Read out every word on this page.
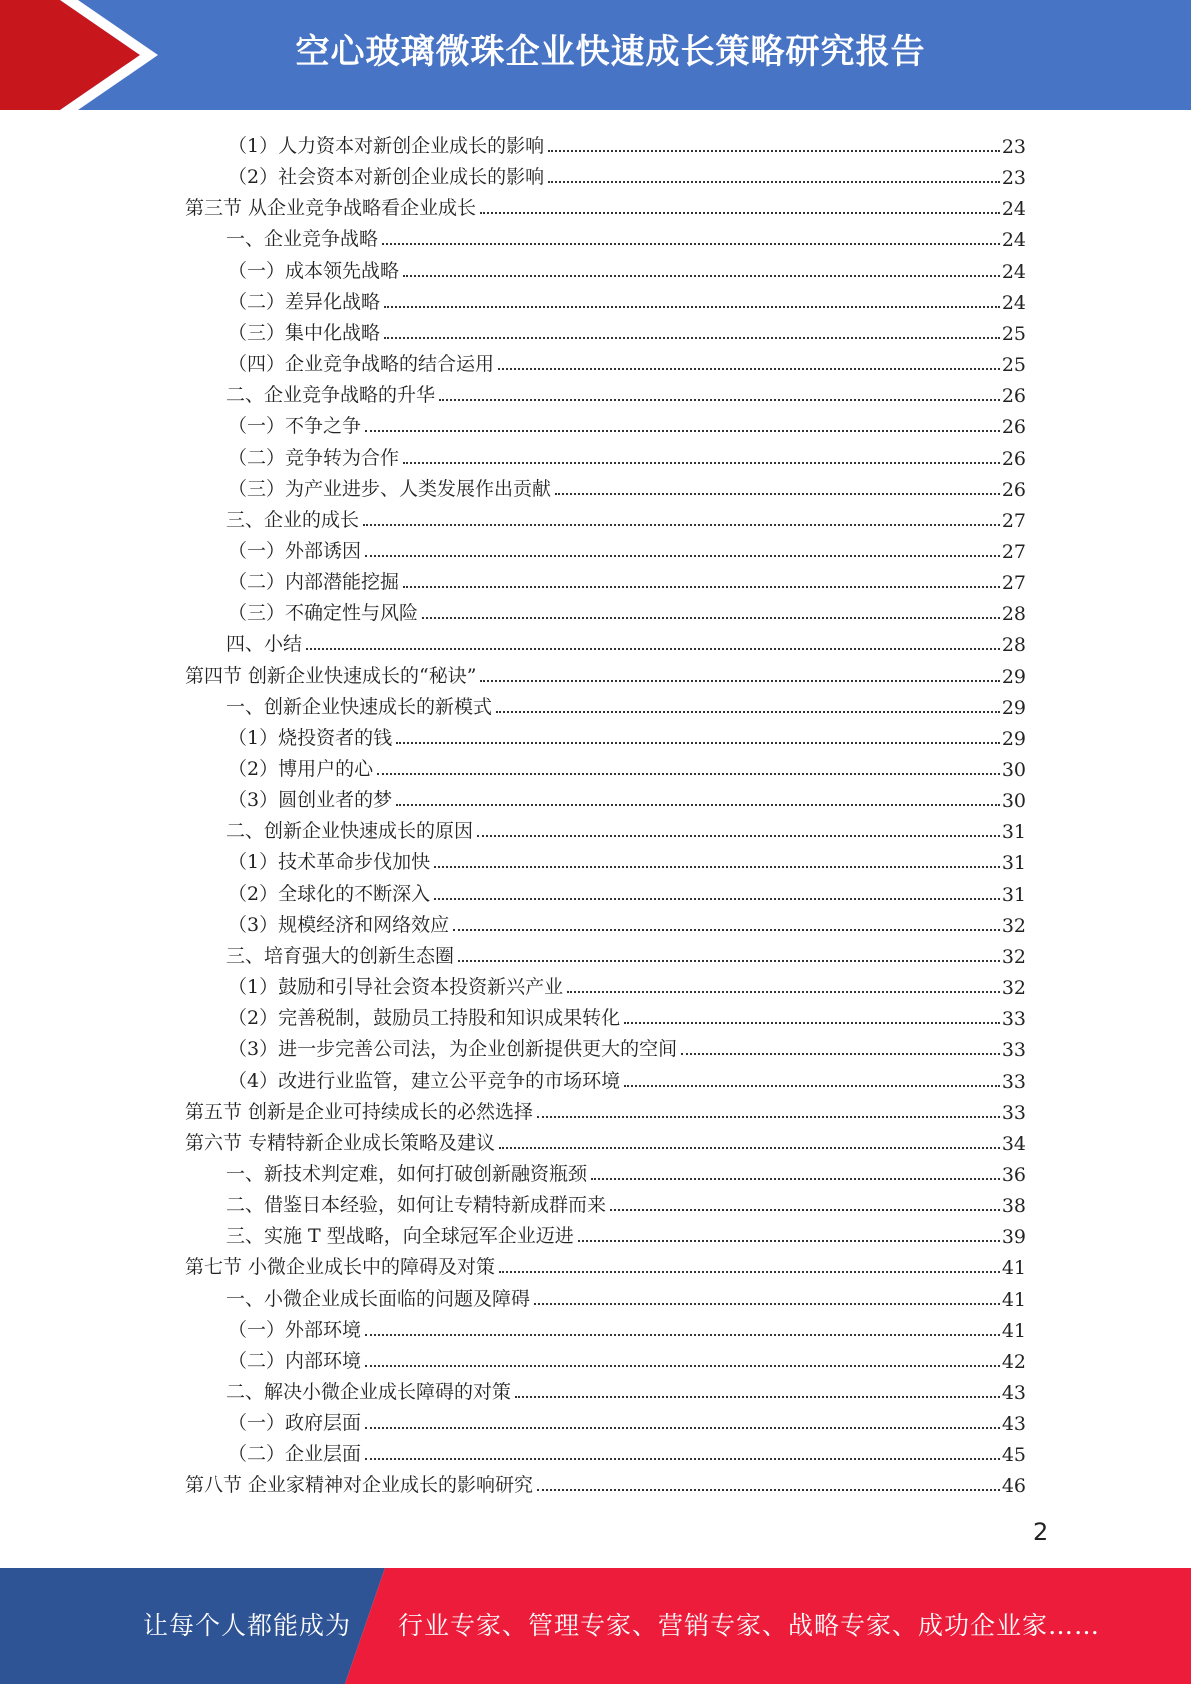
空心玻璃微珠企业快速成长策略研究报告
（1）人力资本对新创企业成长的影响	23
（2）社会资本对新创企业成长的影响	23
第三节 从企业竞争战略看企业成长	24
一、企业竞争战略	24
（一）成本领先战略	24
（二）差异化战略	24
（三）集中化战略	25
（四）企业竞争战略的结合运用	25
二、企业竞争战略的升华	26
（一）不争之争	26
（二）竞争转为合作	26
（三）为产业进步、人类发展作出贡献	26
三、企业的成长	27
（一）外部诱因	27
（二）内部潜能挖掘	27
（三）不确定性与风险	28
四、小结	28
第四节 创新企业快速成长的“秘诀”	29
一、创新企业快速成长的新模式	29
（1）烧投资者的钱	29
（2）博用户的心	30
（3）圆创业者的梦	30
二、创新企业快速成长的原因	31
（1）技术革命步伐加快	31
（2）全球化的不断深入	31
（3）规模经济和网络效应	32
三、培育强大的创新生态圈	32
（1）鼓励和引导社会资本投资新兴产业	32
（2）完善税制，鼓励员工持股和知识成果转化	33
（3）进一步完善公司法，为企业创新提供更大的空间	33
（4）改进行业监管，建立公平竞争的市场环境	33
第五节 创新是企业可持续成长的必然选择	33
第六节 专精特新企业成长策略及建议	34
一、新技术判定难，如何打破创新融资瓶颈	36
二、借鉴日本经验，如何让专精特新成群而来	38
三、实施 T 型战略，向全球冠军企业迈进	39
第七节 小微企业成长中的障碍及对策	41
一、小微企业成长面临的问题及障碍	41
（一）外部环境	41
（二）内部环境	42
二、解决小微企业成长障碍的对策	43
（一）政府层面	43
（二）企业层面	45
第八节 企业家精神对企业成长的影响研究	46
2
让每个人都能成为 行业专家、管理专家、营销专家、战略专家、成功企业家……
